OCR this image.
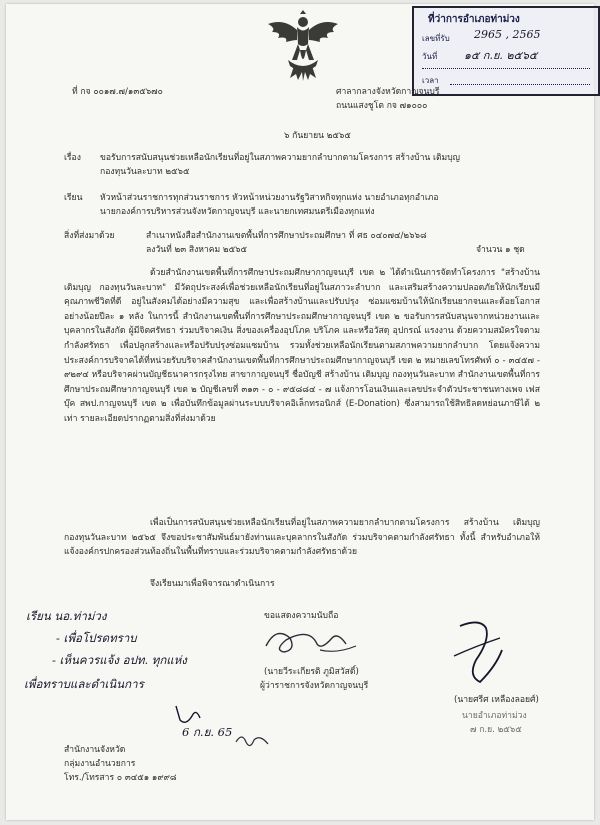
ที่ว่าการอำเภอท่าม่วง
เลขที่รับ 2965 , 2565
วันที่ ๑๕ ก.ย. ๒๕๖๕
เวลา
ที่ กจ ๐๐๑๗.๗/๑๓๕๖๗๐	ศาลากลางจังหวัดกาญจนบุรี
ถนนแสงชูโต กจ ๗๑๐๐๐
๖ กันยายน ๒๕๖๕
เรื่อง ขอรับการสนับสนุนช่วยเหลือนักเรียนที่อยู่ในสภาพความยากลำบากตามโครงการ สร้างบ้าน เติมบุญ
กองทุนวันละบาท ๒๕๖๕
เรียน หัวหน้าส่วนราชการทุกส่วนราชการ หัวหน้าหน่วยงานรัฐวิสาหกิจทุกแห่ง นายอำเภอทุกอำเภอ
นายกองค์การบริหารส่วนจังหวัดกาญจนบุรี และนายกเทศมนตรีเมืองทุกแห่ง
สิ่งที่ส่งมาด้วย	สำเนาหนังสือสำนักงานเขตพื้นที่การศึกษาประถมศึกษา ที่ ศธ ๐๔๐๗๔/๒๖๖๘
ลงวันที่ ๒๓ สิงหาคม ๒๕๖๕	จำนวน ๑ ชุด
ด้วยสำนักงานเขตพื้นที่การศึกษาประถมศึกษากาญจนบุรี เขต ๒ ได้ดำเนินการจัดทำโครงการ "สร้างบ้าน เติมบุญ กองทุนวันละบาท" มีวัตถุประสงค์เพื่อช่วยเหลือนักเรียนที่อยู่ในสภาวะลำบาก และเสริมสร้างความปลอดภัยให้นักเรียนมีคุณภาพชีวิตที่ดี อยู่ในสังคมได้อย่างมีความสุข และเพื่อสร้างบ้านและปรับปรุง ซ่อมแซมบ้านให้นักเรียนยากจนและด้อยโอกาส อย่างน้อยปีละ ๑ หลัง ในการนี้ สำนักงานเขตพื้นที่การศึกษาประถมศึกษากาญจนบุรี เขต ๒ ขอรับการสนับสนุนจากหน่วยงานและบุคลากรในสังกัด ผู้มีจิตศรัทธา ร่วมบริจาคเงิน สิ่งของเครื่องอุปโภค บริโภค และหรือวัสดุ อุปกรณ์ แรงงาน ด้วยความสมัครใจตามกำลังศรัทธา เพื่อปลูกสร้างและหรือปรับปรุงซ่อมแซมบ้าน รวมทั้งช่วยเหลือนักเรียนตามสภาพความยากลำบาก โดยแจ้งความประสงค์การบริจาคได้ที่หน่วยรับบริจาคสำนักงานเขตพื้นที่การศึกษาประถมศึกษากาญจนบุรี เขต ๒ หมายเลขโทรศัพท์ ๐ - ๓๔๕๗ - ๙๒๙๔ หรือบริจาคผ่านบัญชีธนาคารกรุงไทย สาขากาญจนบุรี ชื่อบัญชี สร้างบ้าน เติมบุญ กองทุนวันละบาท สำนักงานเขตพื้นที่การศึกษาประถมศึกษากาญจนบุรี เขต ๒ บัญชีเลขที่ ๓๑๓ - ๐ - ๙๕๘๘๔ - ๗ แจ้งการโอนเงินและเลขประจำตัวประชาชนทางเพจ เฟสบุ๊ค สพป.กาญจนบุรี เขต ๒ เพื่อบันทึกข้อมูลผ่านระบบบริจาคอิเล็กทรอนิกส์ (E-Donation) ซึ่งสามารถใช้สิทธิลดหย่อนภาษีได้ ๒ เท่า รายละเอียดปรากฏตามสิ่งที่ส่งมาด้วย
เพื่อเป็นการสนับสนุนช่วยเหลือนักเรียนที่อยู่ในสภาพความยากลำบากตามโครงการ สร้างบ้าน เติมบุญ กองทุนวันละบาท ๒๕๖๕ จึงขอประชาสัมพันธ์มายังท่านและบุคลากรในสังกัด ร่วมบริจาคตามกำลังศรัทธา ทั้งนี้ สำหรับอำเภอให้แจ้งองค์กรปกครองส่วนท้องถิ่นในพื้นที่ทราบและร่วมบริจาคตามกำลังศรัทธาด้วย
จึงเรียนมาเพื่อพิจารณาดำเนินการ
ขอแสดงความนับถือ
(นายวีระเกียรติ ภูมิสวัสดิ์)
ผู้ว่าราชการจังหวัดกาญจนบุรี
เรียน นอ.ท่าม่วง
- เพื่อโปรดทราบ
- เห็นควรแจ้ง อปท. ทุกแห่ง
เพื่อทราบและดำเนินการ
6 ก.ย. 65
(นายศรีศ เหลืองลอยศ์)
นายอำเภอท่าม่วง
๗ ก.ย. ๒๕๖๕
สำนักงานจังหวัด
กลุ่มงานอำนวยการ
โทร./โทรสาร ๐ ๓๔๕๑ ๑๙๙๘
